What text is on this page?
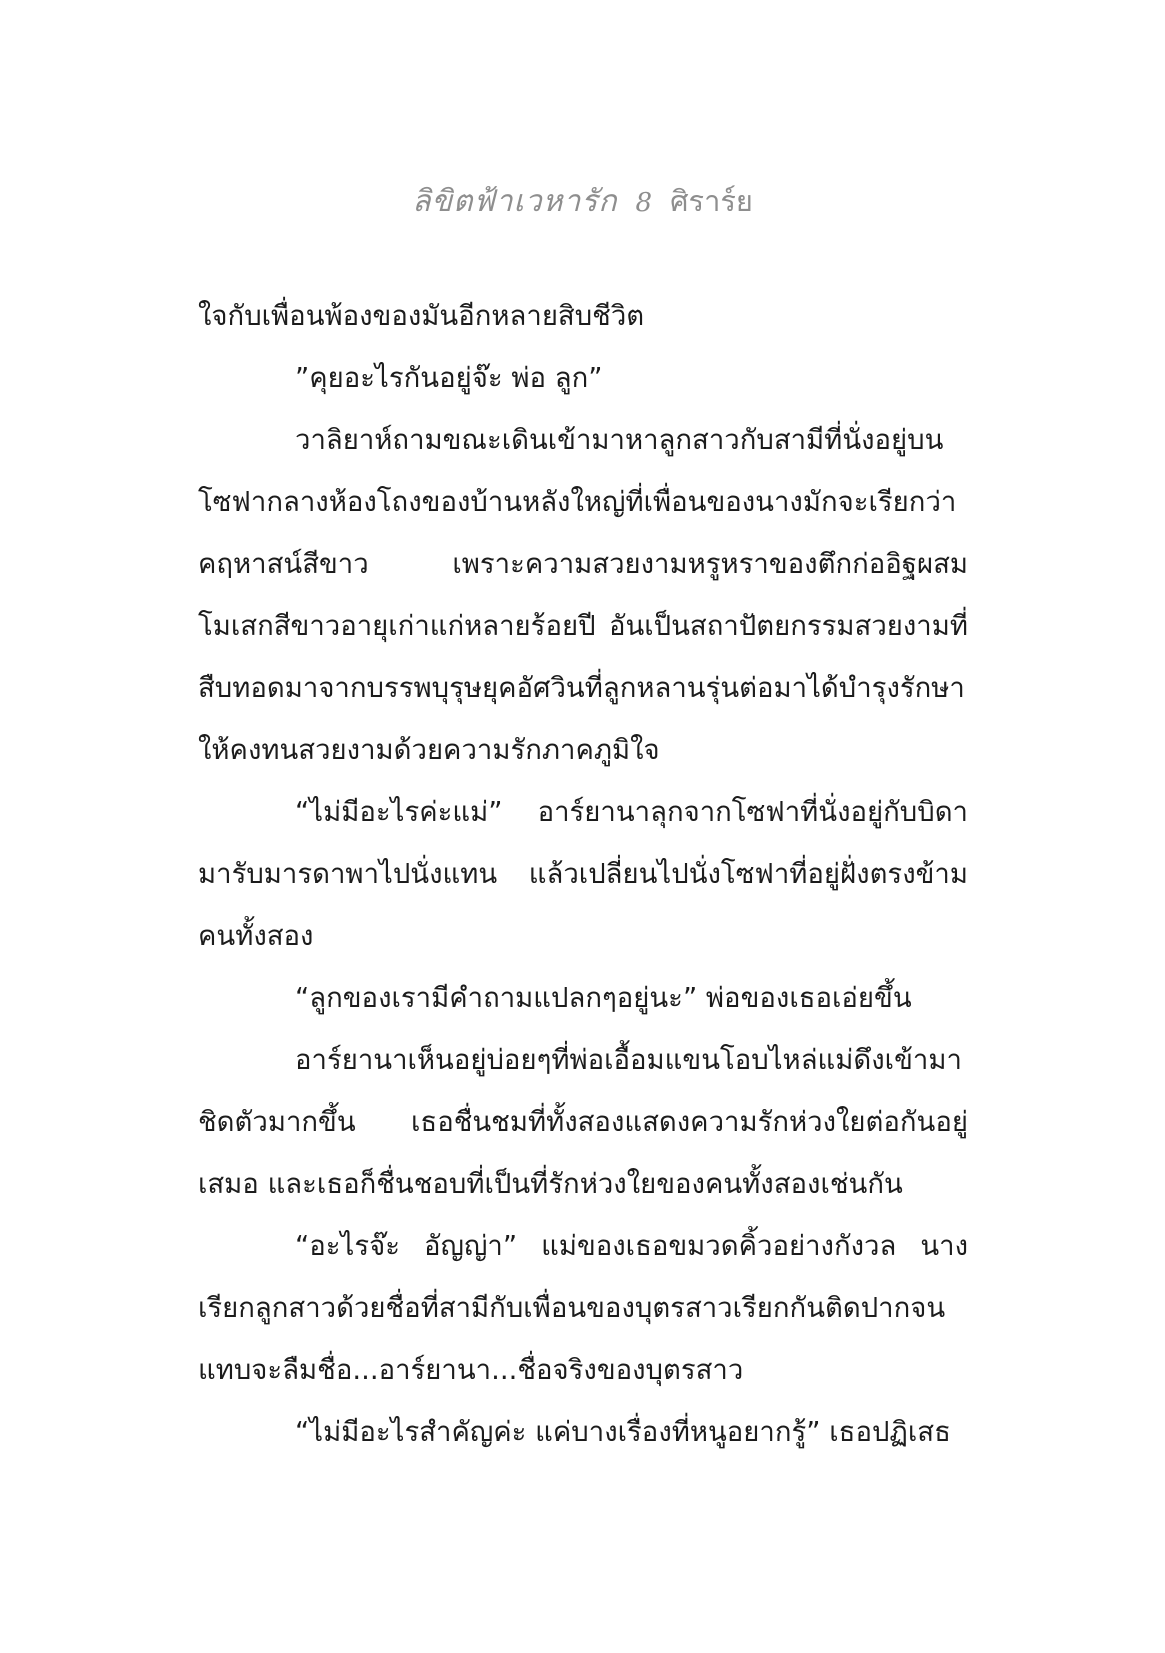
ลิขิตฟ้าเวหารัก 8 ศิราร์ย

ใจกับเพื่อนพ้องของมันอีกหลายสิบชีวิต

”คุยอะไรกันอยู่จ๊ะ พ่อ ลูก”

วาลิยาห์ถามขณะเดินเข้ามาหาลูกสาวกับสามีที่นั่งอยู่บนโซฟากลางห้องโถงของบ้านหลังใหญ่ที่เพื่อนของนางมักจะเรียกว่าคฤหาสน์สีขาว เพราะความสวยงามหรูหราของตึกก่ออิฐผสมโมเสกสีขาวอายุเก่าแก่หลายร้อยปี อันเป็นสถาปัตยกรรมสวยงามที่สืบทอดมาจากบรรพบุรุษยุคอัศวินที่ลูกหลานรุ่นต่อมาได้บำรุงรักษาให้คงทนสวยงามด้วยความรักภาคภูมิใจ

“ไม่มีอะไรค่ะแม่” อาร์ยานาลุกจากโซฟาที่นั่งอยู่กับบิดามารับมารดาพาไปนั่งแทน แล้วเปลี่ยนไปนั่งโซฟาที่อยู่ฝั่งตรงข้ามคนทั้งสอง

“ลูกของเรามีคำถามแปลกๆอยู่นะ” พ่อของเธอเอ่ยขึ้น

อาร์ยานาเห็นอยู่บ่อยๆที่พ่อเอื้อมแขนโอบไหล่แม่ดึงเข้ามาชิดตัวมากขึ้น เธอชื่นชมที่ทั้งสองแสดงความรักห่วงใยต่อกันอยู่เสมอ และเธอก็ชื่นชอบที่เป็นที่รักห่วงใยของคนทั้งสองเช่นกัน

“อะไรจ๊ะ อัญญ่า” แม่ของเธอขมวดคิ้วอย่างกังวล นางเรียกลูกสาวด้วยชื่อที่สามีกับเพื่อนของบุตรสาวเรียกกันติดปากจนแทบจะลืมชื่อ...อาร์ยานา...ชื่อจริงของบุตรสาว

“ไม่มีอะไรสำคัญค่ะ แค่บางเรื่องที่หนูอยากรู้” เธอปฏิเสธ
